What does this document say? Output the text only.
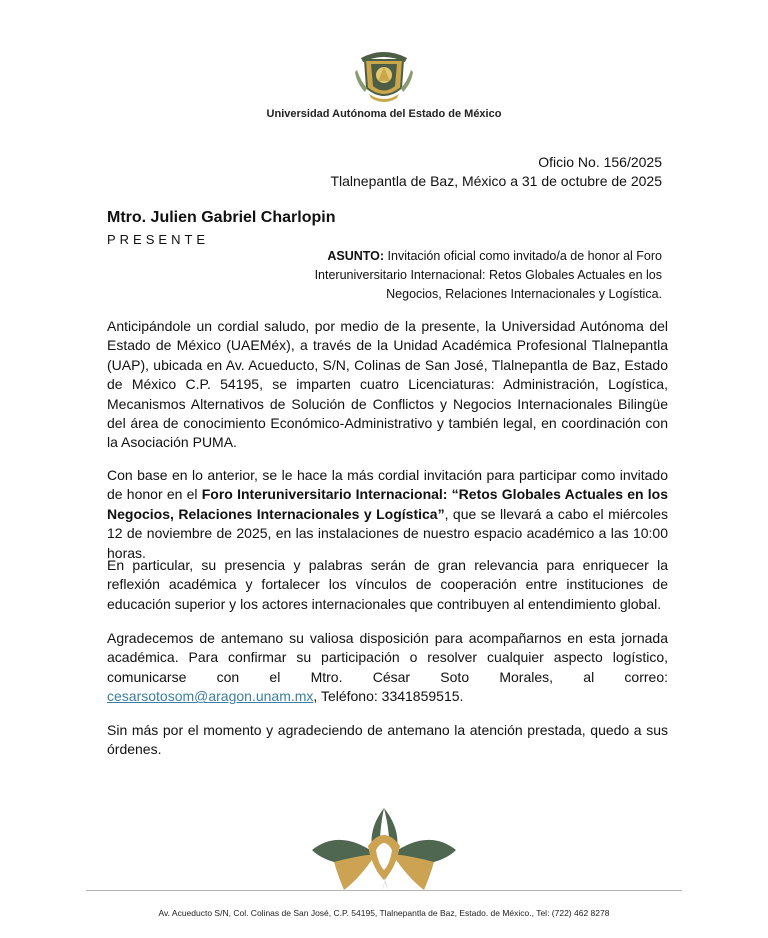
Universidad Autónoma del Estado de México
Oficio No. 156/2025
Tlalnepantla de Baz, México a 31 de octubre de 2025
Mtro. Julien Gabriel Charlopin
PRESENTE
ASUNTO: Invitación oficial como invitado/a de honor al Foro Interuniversitario Internacional: Retos Globales Actuales en los Negocios, Relaciones Internacionales y Logística.
Anticipándole un cordial saludo, por medio de la presente, la Universidad Autónoma del Estado de México (UAEMéx), a través de la Unidad Académica Profesional Tlalnepantla (UAP), ubicada en Av. Acueducto, S/N, Colinas de San José, Tlalnepantla de Baz, Estado de México C.P. 54195, se imparten cuatro Licenciaturas: Administración, Logística, Mecanismos Alternativos de Solución de Conflictos y Negocios Internacionales Bilingüe del área de conocimiento Económico-Administrativo y también legal, en coordinación con la Asociación PUMA.
Con base en lo anterior, se le hace la más cordial invitación para participar como invitado de honor en el Foro Interuniversitario Internacional: “Retos Globales Actuales en los Negocios, Relaciones Internacionales y Logística”, que se llevará a cabo el miércoles 12 de noviembre de 2025, en las instalaciones de nuestro espacio académico a las 10:00 horas.
En particular, su presencia y palabras serán de gran relevancia para enriquecer la reflexión académica y fortalecer los vínculos de cooperación entre instituciones de educación superior y los actores internacionales que contribuyen al entendimiento global.
Agradecemos de antemano su valiosa disposición para acompañarnos en esta jornada académica. Para confirmar su participación o resolver cualquier aspecto logístico, comunicarse con el Mtro. César Soto Morales, al correo: cesarsotosom@aragon.unam.mx, Teléfono: 3341859515.
Sin más por el momento y agradeciendo de antemano la atención prestada, quedo a sus órdenes.
Av. Acueducto S/N, Col. Colinas de San José, C.P. 54195, Tlalnepantla de Baz, Estado. de México., Tel: (722) 462 8278
